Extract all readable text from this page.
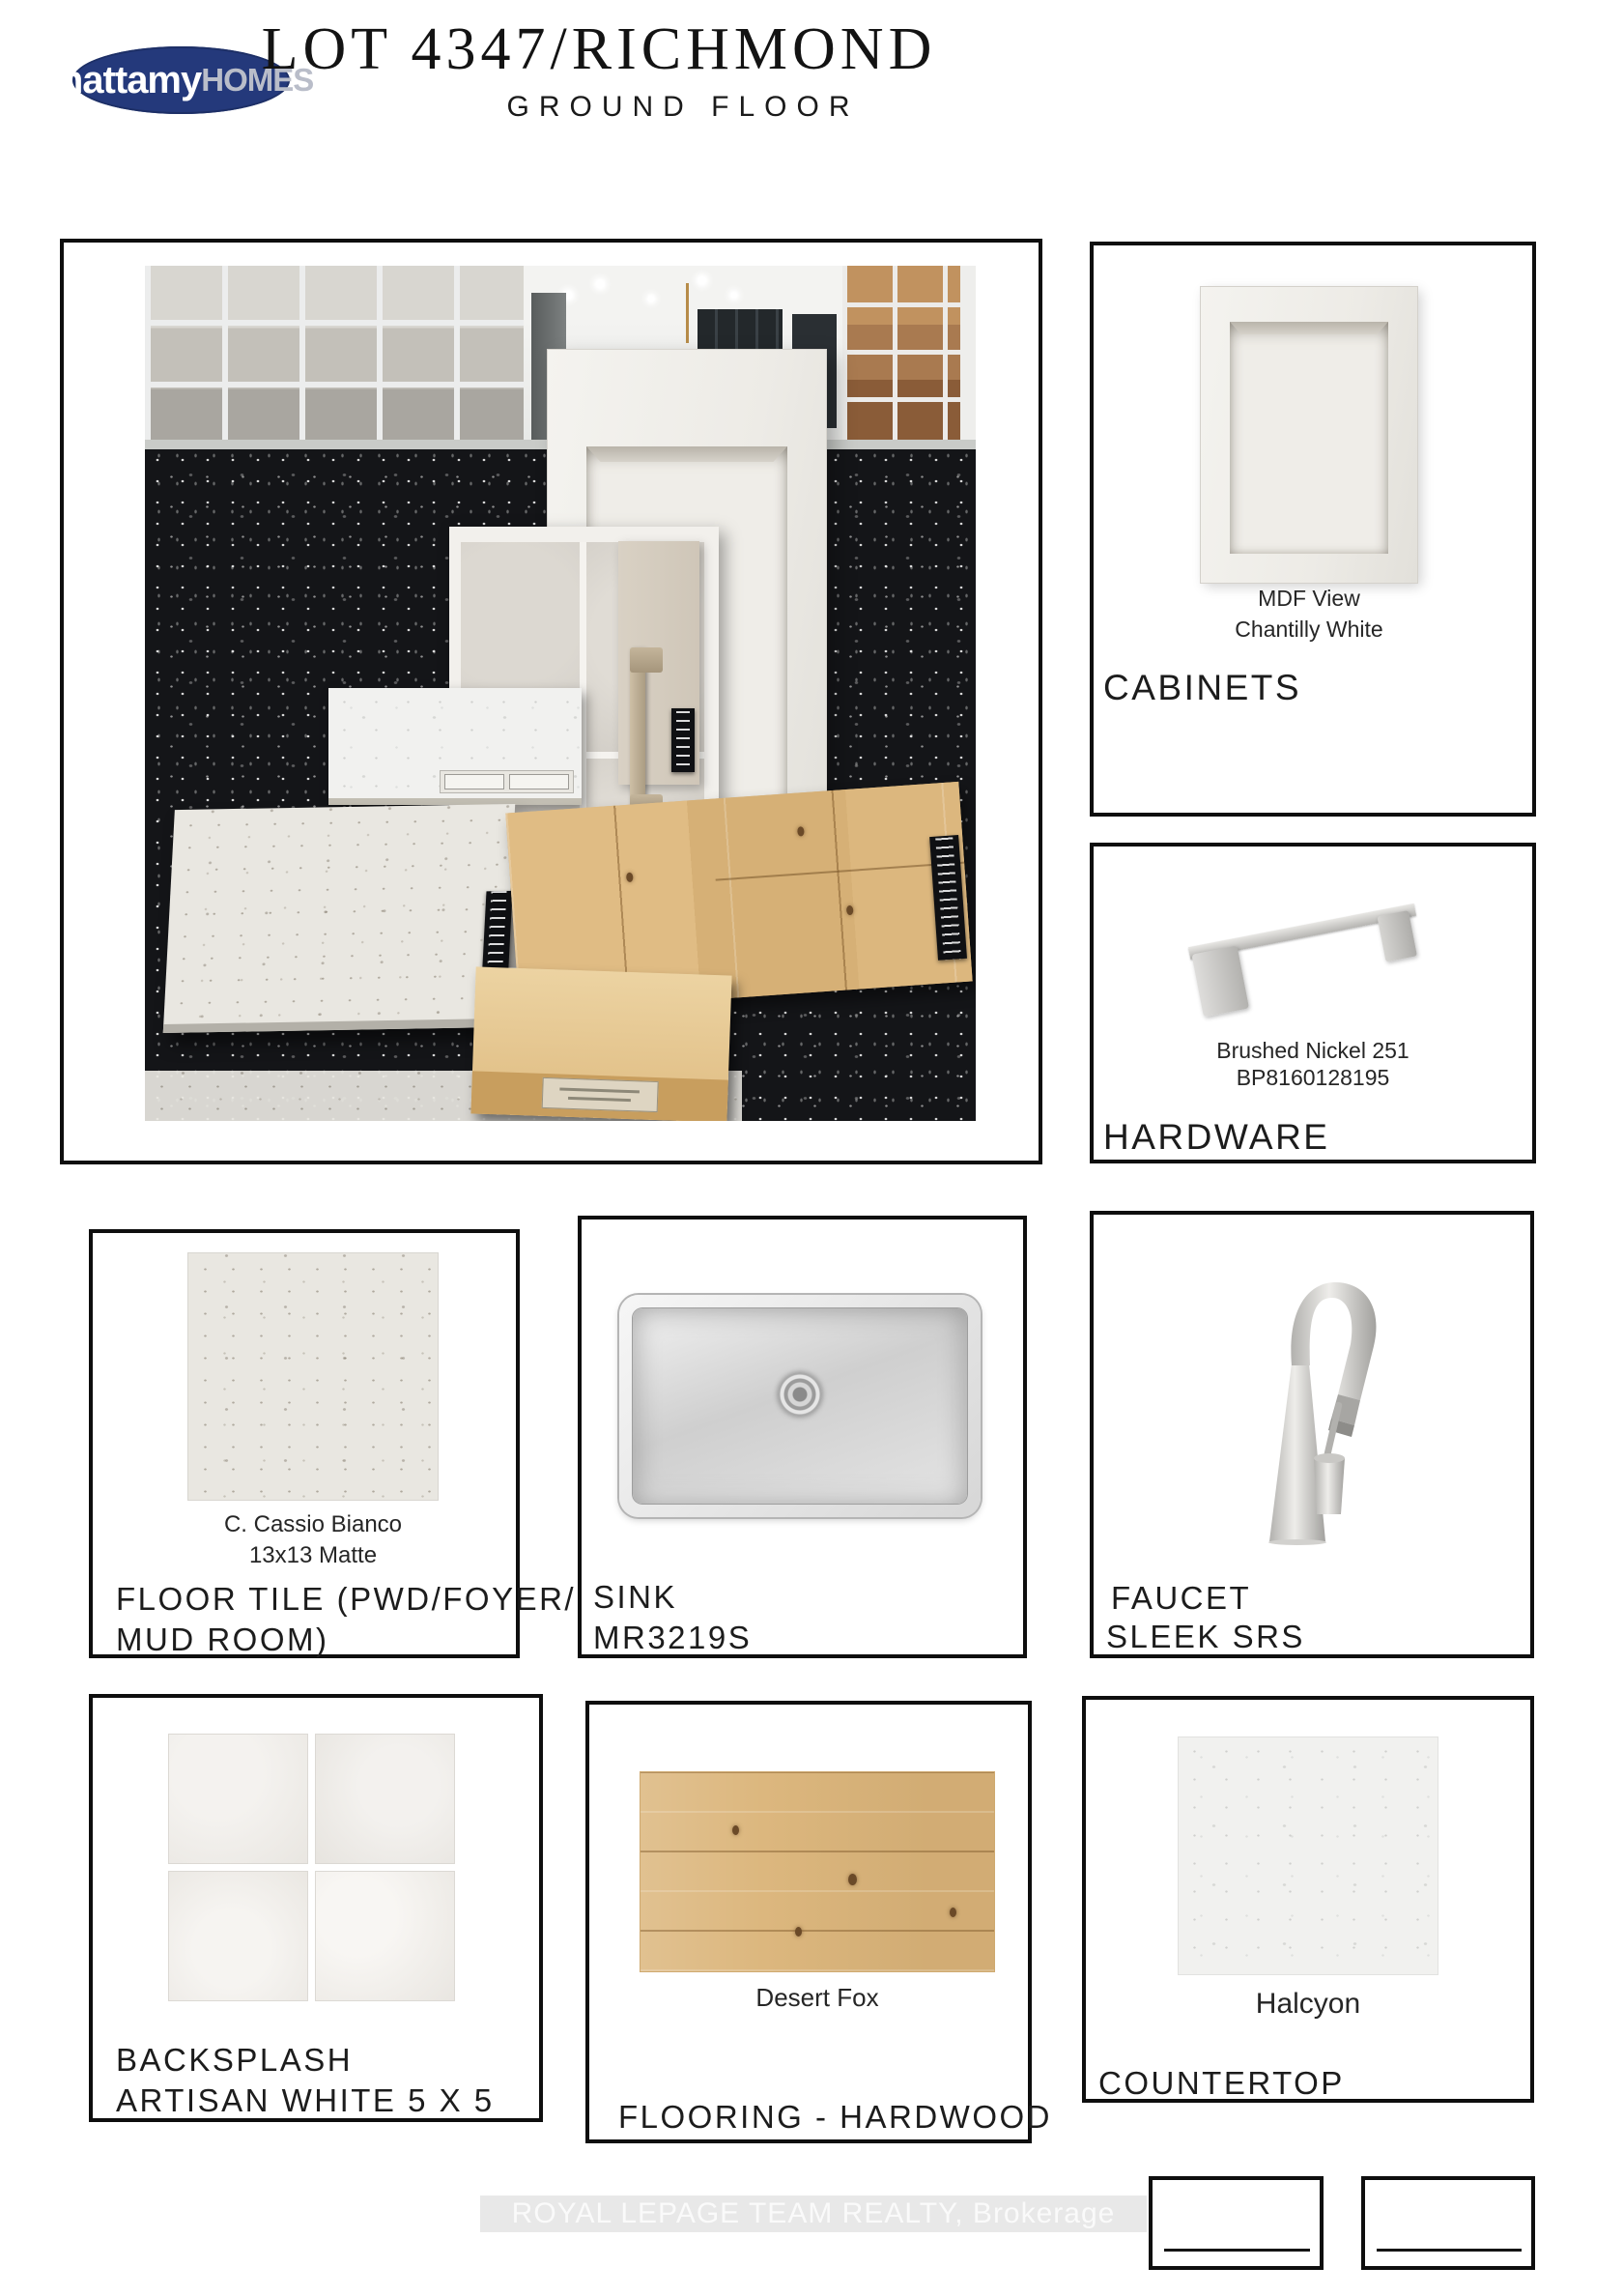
mattamy HOMES
LOT 4347/RICHMOND
GROUND FLOOR
MDF View
Chantilly White
CABINETS
Brushed Nickel 251
BP8160128195
HARDWARE
C. Cassio Bianco
13x13 Matte
FLOOR TILE (PWD/FOYER/
MUD ROOM)
SINK
MR3219S
FAUCET
SLEEK SRS
BACKSPLASH
ARTISAN WHITE 5 X 5
Desert Fox
FLOORING - HARDWOOD
Halcyon
COUNTERTOP
ROYAL LEPAGE TEAM REALTY, Brokerage
